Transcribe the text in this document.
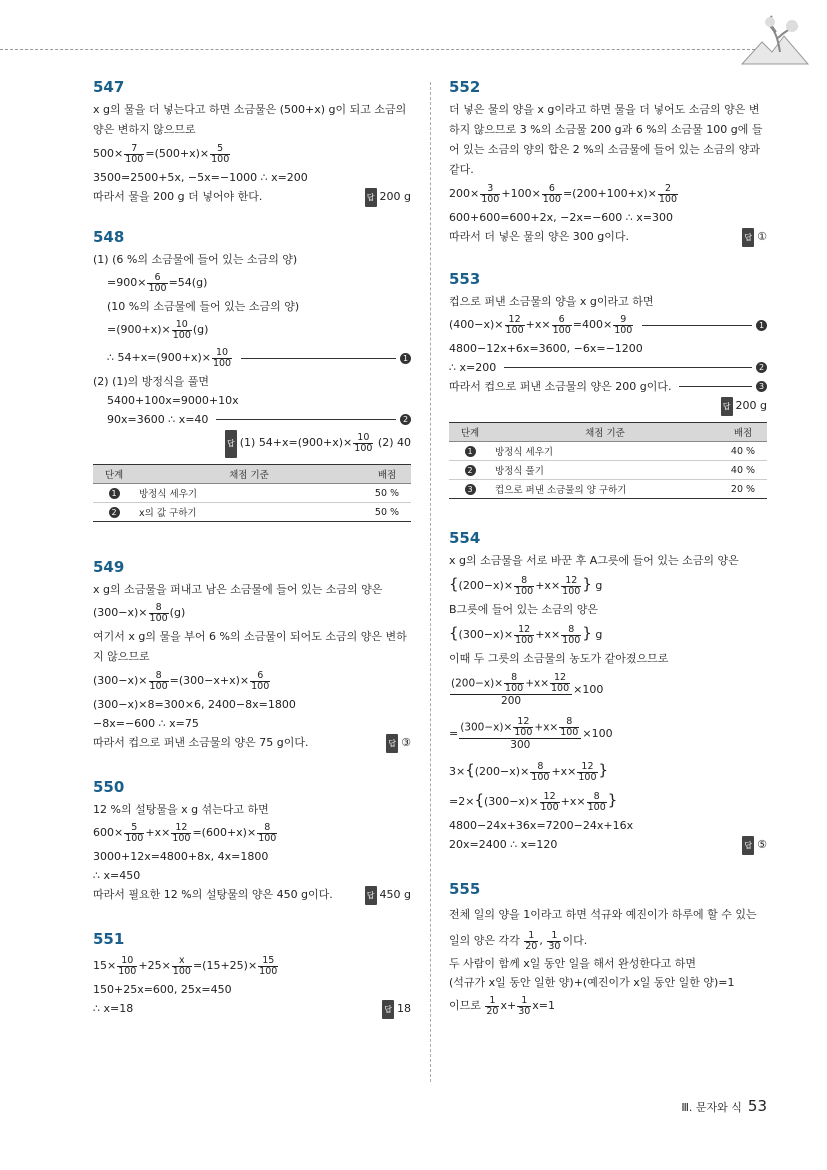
547
x g의 물을 더 넣는다고 하면 소금물은 (500+x) g이 되고 소금의 양은 변하지 않으므로
$500\times \frac{7}{100} =(500+x)\times \frac{5}{100}$
3500=2500+5x, −5x=−1000 ∴ x=200
따라서 물을 200 g 더 넣어야 한다.	답 200 g
548
(1) (6 %의 소금물에 들어 있는 소금의 양)
$=900\times \frac{6}{100} =54(g)$
(10 %의 소금물에 들어 있는 소금의 양)
$=(900+x)\times \frac{10}{100} (g)$
∴ $54+x=(900+x)\times \frac{10}{100}$	1
(2) (1)의 방정식을 풀면
5400+100x=9000+10x
90x=3600 ∴ x=40	2
답 (1) $54+x=(900+x)\times \frac{10}{100} (2)$ 40
단계	채점 기준	배점
1	방정식 세우기	50 %
2	x의 값 구하기	50 %
549
x g의 소금물을 퍼내고 남은 소금물에 들어 있는 소금의 양은
$(300-x)\times \frac{8}{100} (g)$
여기서 x g의 물을 부어 6 %의 소금물이 되어도 소금의 양은 변하지 않으므로
$(300-x)\times \frac{8}{100} =(300-x+x)\times \frac{6}{100}$
(300−x)×8=300×6, 2400−8x=1800
−8x=−600 ∴ x=75
따라서 컵으로 퍼낸 소금물의 양은 75 g이다.	답 ③
550
12 %의 설탕물을 x g 섞는다고 하면
$600\times \frac{5}{100} +x\times \frac{12}{100} =(600+x)\times \frac{8}{100}$
3000+12x=4800+8x, 4x=1800
∴ x=450
따라서 필요한 12 %의 설탕물의 양은 450 g이다.	답 450 g
551
$15\times \frac{10}{100} +25\times \frac{x}{100} =(15+25)\times \frac{15}{100}$
150+25x=600, 25x=450
∴ x=18	답 18
552
더 넣은 물의 양을 x g이라고 하면 물을 더 넣어도 소금의 양은 변하지 않으므로 3 %의 소금물 200 g과 6 %의 소금물 100 g에 들어 있는 소금의 양의 합은 2 %의 소금물에 들어 있는 소금의 양과 같다.
$200\times \frac{3}{100} +100\times \frac{6}{100} =(200+100+x)\times \frac{2}{100}$
600+600=600+2x, −2x=−600 ∴ x=300
따라서 더 넣은 물의 양은 300 g이다.	답 ①
553
컵으로 퍼낸 소금물의 양을 x g이라고 하면
$(400-x)\times \frac{12}{100} +x\times \frac{6}{100} =400\times \frac{9}{100}$	1
4800−12x+6x=3600, −6x=−1200
∴ x=200	2
따라서 컵으로 퍼낸 소금물의 양은 200 g이다.	3
답 200 g
단계	채점 기준	배점
1	방정식 세우기	40 %
2	방정식 풀기	40 %
3	컵으로 퍼낸 소금물의 양 구하기	20 %
554
x g의 소금물을 서로 바꾼 후 A그릇에 들어 있는 소금의 양은
{$(200-x)\times \frac{8}{100} +x\times \frac{12}{100}$ } g
B그릇에 들어 있는 소금의 양은
{$(300-x)\times \frac{12}{100} +x\times \frac{8}{100}$ } g
이때 두 그릇의 소금물의 농도가 같아졌으므로
$\frac{(200-x)\times \frac{8}{100} +x\times \frac{12}{100}}{200} \times 100$
= $\frac{(300-x)\times \frac{12}{100} +x\times \frac{8}{100}}{300} \times 100$
$3\times\{(200-x)\times \frac{8}{100} +x\times \frac{12}{100}$ }
$=2\times\{(300-x)\times \frac{12}{100} +x\times \frac{8}{100}$ }
4800−24x+36x=7200−24x+16x
20x=2400 ∴ x=120	답 ⑤
555
전체 일의 양을 1이라고 하면 석규와 예진이가 하루에 할 수 있는 일의 양은 각각 $\frac{1}{20}$ , $\frac{1}{30}$ 이다.
두 사람이 함께 x일 동안 일을 해서 완성한다고 하면
(석규가 x일 동안 일한 양)+(예진이가 x일 동안 일한 양)=1
이므로 $\frac{1}{20} x+ \frac{1}{30} x=1$
Ⅲ. 문자와 식 53
